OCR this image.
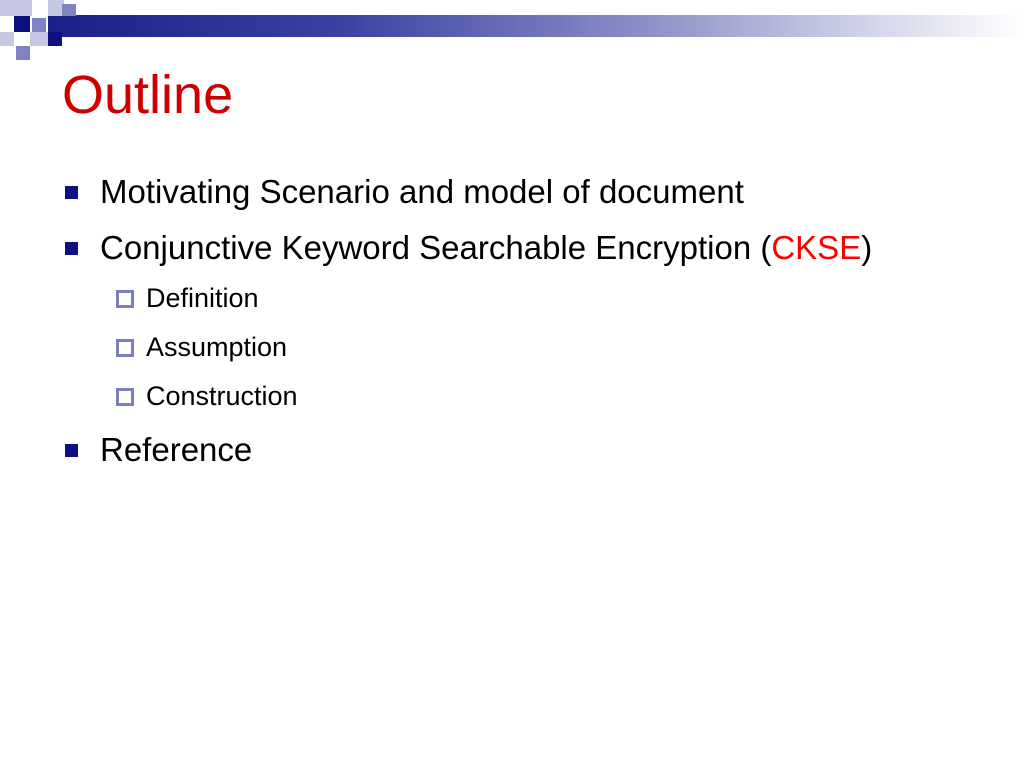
Outline
Motivating Scenario and model of document
Conjunctive Keyword Searchable Encryption (CKSE)
Definition
Assumption
Construction
Reference
